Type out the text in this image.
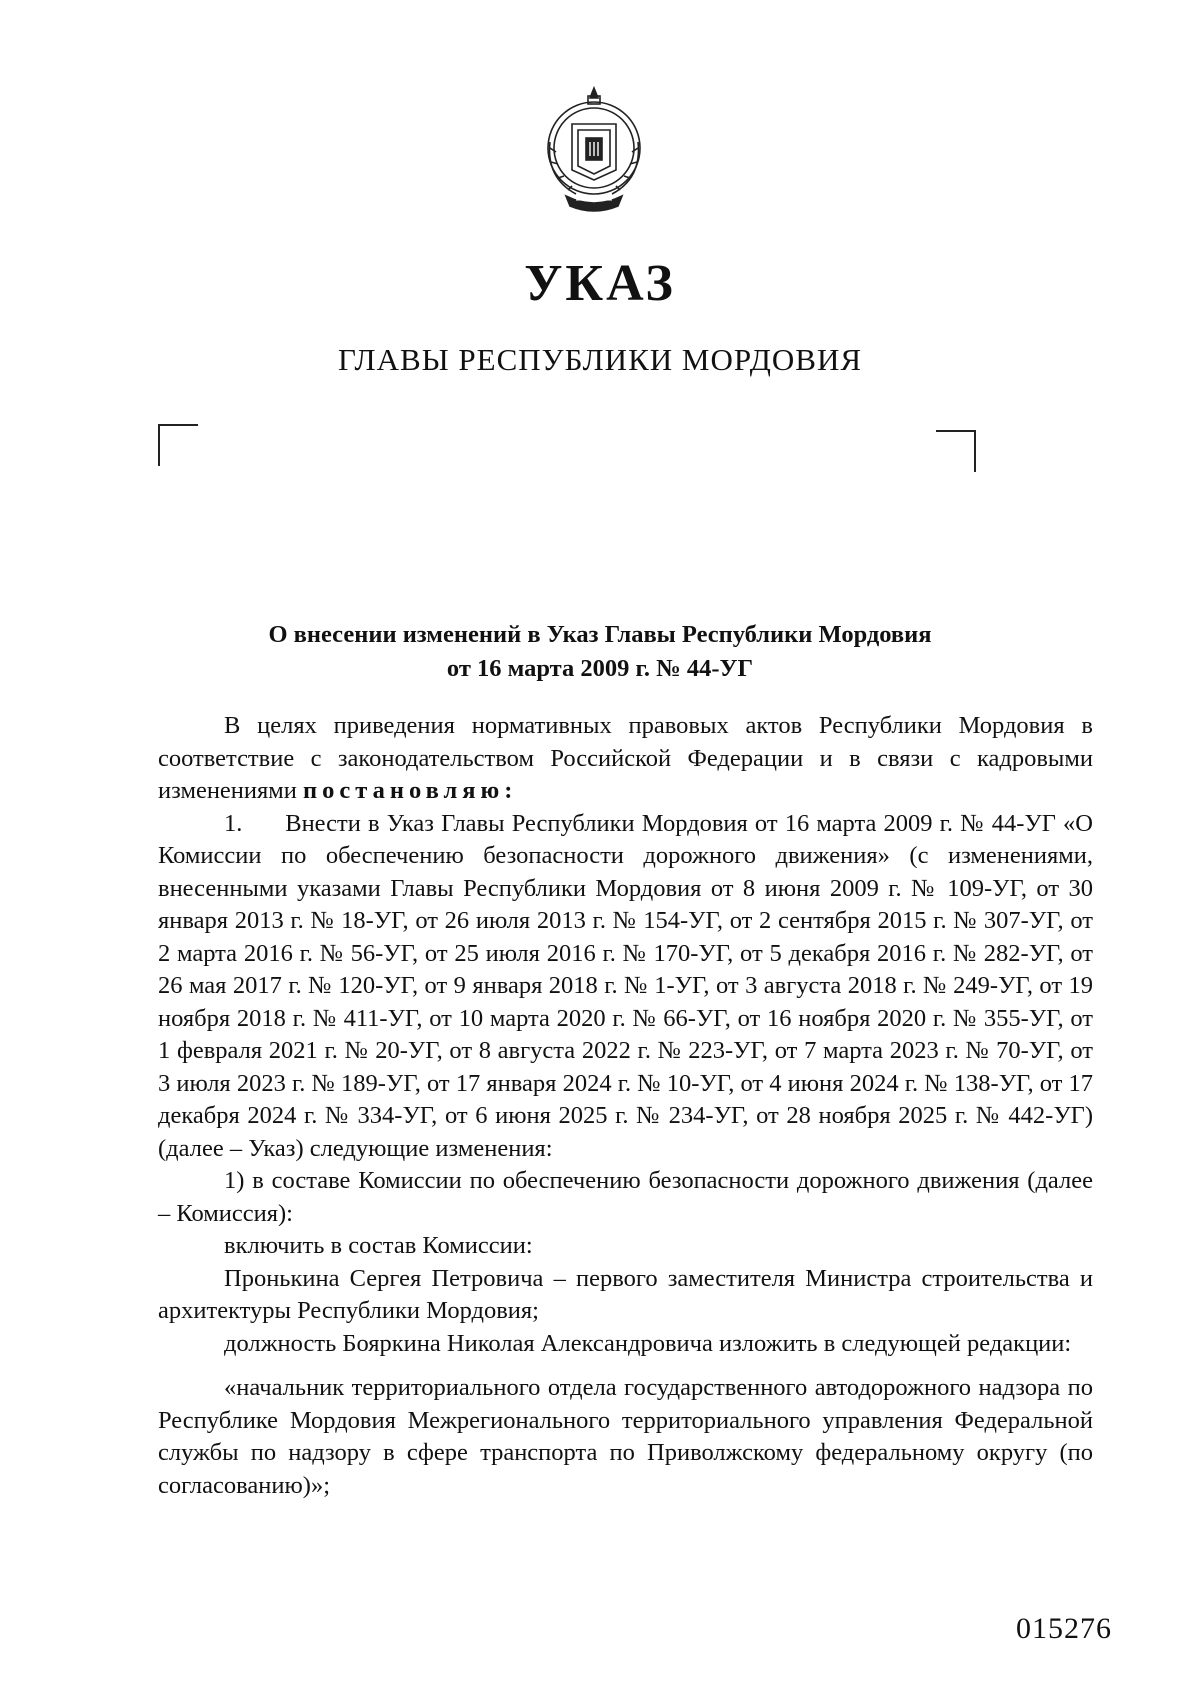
УКАЗ
ГЛАВЫ РЕСПУБЛИКИ МОРДОВИЯ
О внесении изменений в Указ Главы Республики Мордовия
от 16 марта 2009 г. № 44-УГ

В целях приведения нормативных правовых актов Республики Мордовия в соответствие с законодательством Российской Федерации и в связи с кадровыми изменениями постановляю:

1.      Внести в Указ Главы Республики Мордовия от 16 марта 2009 г. № 44-УГ «О Комиссии по обеспечению безопасности дорожного движения» (с изменениями, внесенными указами Главы Республики Мордовия от 8 июня 2009 г. № 109-УГ, от 30 января 2013 г. № 18-УГ, от 26 июля 2013 г. № 154-УГ, от 2 сентября 2015 г. № 307-УГ, от 2 марта 2016 г. № 56-УГ, от 25 июля 2016 г. № 170-УГ, от 5 декабря 2016 г. № 282-УГ, от 26 мая 2017 г. № 120-УГ, от 9 января 2018 г. № 1-УГ, от 3 августа 2018 г. № 249-УГ, от 19 ноября 2018 г. № 411-УГ, от 10 марта 2020 г. № 66-УГ, от 16 ноября 2020 г. № 355-УГ, от 1 февраля 2021 г. № 20-УГ, от 8 августа 2022 г. № 223-УГ, от 7 марта 2023 г. № 70-УГ, от 3 июля 2023 г. № 189-УГ, от 17 января 2024 г. № 10-УГ, от 4 июня 2024 г. № 138-УГ, от 17 декабря 2024 г. № 334-УГ, от 6 июня 2025 г. № 234-УГ, от 28 ноября 2025 г. № 442-УГ) (далее – Указ) следующие изменения:

1) в составе Комиссии по обеспечению безопасности дорожного движения (далее – Комиссия):

включить в состав Комиссии:

Пронькина Сергея Петровича – первого заместителя Министра строительства и архитектуры Республики Мордовия;

должность Бояркина Николая Александровича изложить в следующей редакции:

«начальник территориального отдела государственного автодорожного надзора по Республике Мордовия Межрегионального территориального управления Федеральной службы по надзору в сфере транспорта по Приволжскому федеральному округу (по согласованию)»;

015276
